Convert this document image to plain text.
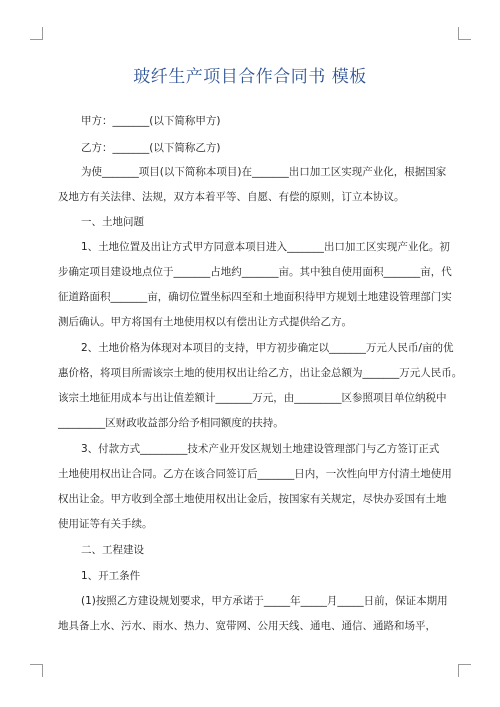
玻纤生产项目合作合同书 模板
甲方：_______(以下简称甲方)
乙方：_______(以下简称乙方)
为使_______项目(以下简称本项目)在_______出口加工区实现产业化，根据国家
及地方有关法律、法规，双方本着平等、自愿、有偿的原则，订立本协议。
一、土地问题
1、土地位置及出让方式甲方同意本项目进入_______出口加工区实现产业化。初
步确定项目建设地点位于_______占地约_______亩。其中独自使用面积_______亩，代
征道路面积_______亩，确切位置坐标四至和土地面积待甲方规划土地建设管理部门实
测后确认。甲方将国有土地使用权以有偿出让方式提供给乙方。
2、土地价格为体现对本项目的支持，甲方初步确定以_______万元人民币/亩的优
惠价格，将项目所需该宗土地的使用权出让给乙方，出让金总额为_______万元人民币。
该宗土地征用成本与出让值差额计_______万元，由_________区参照项目单位纳税中
_________区财政收益部分给予相同额度的扶持。
3、付款方式_________技术产业开发区规划土地建设管理部门与乙方签订正式
土地使用权出让合同。乙方在该合同签订后_______日内，一次性向甲方付清土地使用
权出让金。甲方收到全部土地使用权出让金后，按国家有关规定，尽快办妥国有土地
使用证等有关手续。
二、工程建设
1、开工条件
(1)按照乙方建设规划要求，甲方承诺于_____年_____月_____日前，保证本期用
地具备上水、污水、雨水、热力、宽带网、公用天线、通电、通信、通路和场平，
